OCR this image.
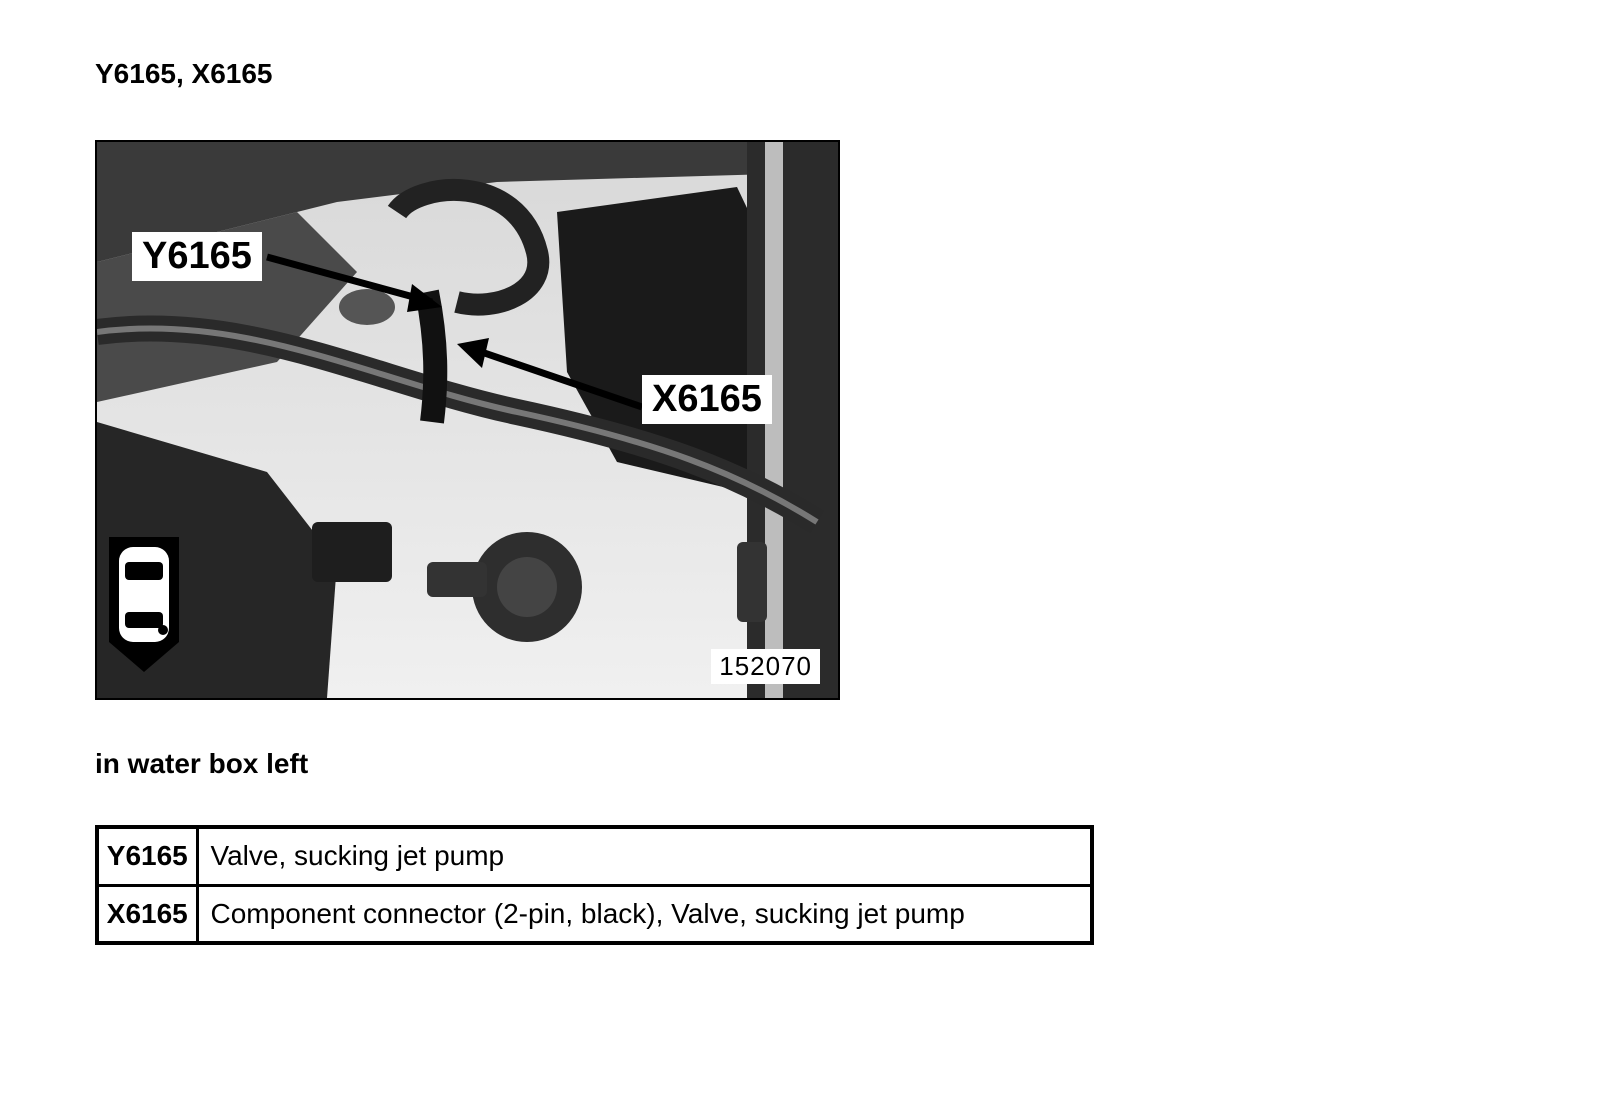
Y6165, X6165
Y6165
X6165
152070
in water box left
Y6165	Valve, sucking jet pump
X6165	Component connector (2-pin, black), Valve, sucking jet pump
